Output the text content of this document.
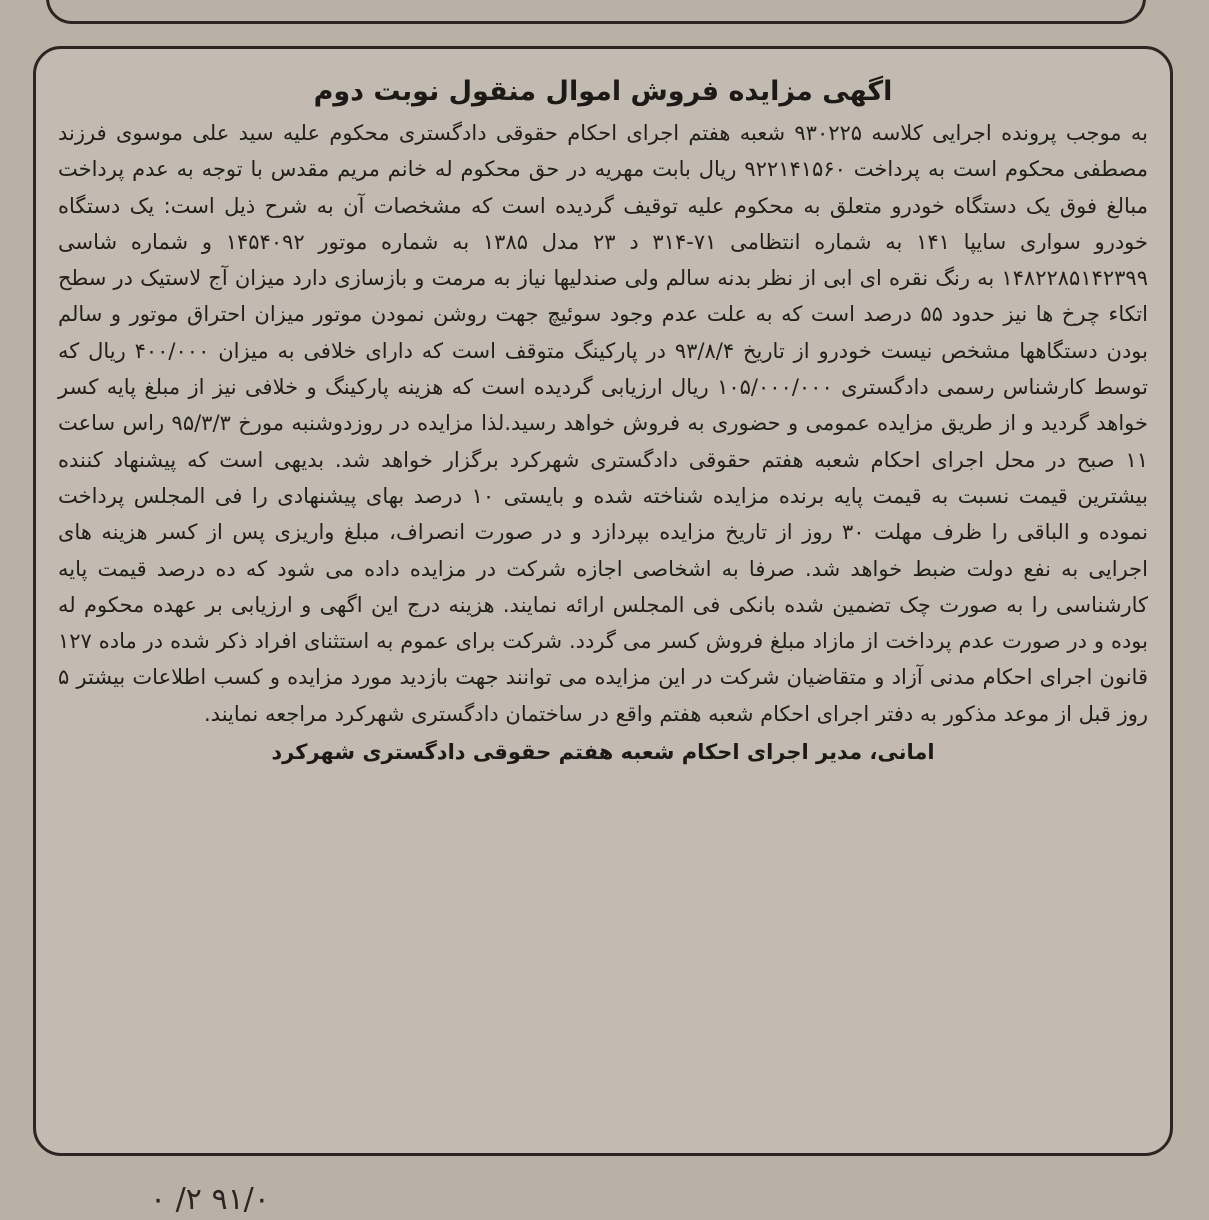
اگهی مزایده فروش اموال منقول نوبت دوم

به موجب پرونده اجرایی کلاسه ۹۳۰۲۲۵ شعبه هفتم اجرای احکام حقوقی دادگستری محکوم علیه سید علی موسوی فرزند مصطفی محکوم است به پرداخت ۹۲۲۱۴۱۵۶۰ ریال بابت مهریه در حق محکوم له خانم مریم مقدس با توجه به عدم پرداخت مبالغ فوق یک دستگاه خودرو متعلق به محکوم علیه توقیف گردیده است که مشخصات آن به شرح ذیل است: یک دستگاه خودرو سواری سایپا ۱۴۱ به شماره انتظامی ۷۱-۳۱۴ د ۲۳ مدل ۱۳۸۵ به شماره موتور ۱۴۵۴۰۹۲ و شماره شاسی ۱۴۸۲۲۸۵۱۴۲۳۹۹ به رنگ نقره ای ابی از نظر بدنه سالم ولی صندلیها نیاز به مرمت و بازسازی دارد میزان آج لاستیک در سطح اتکاء چرخ ها نیز حدود ۵۵ درصد است که به علت عدم وجود سوئیچ جهت روشن نمودن موتور میزان احتراق موتور و سالم بودن دستگاهها مشخص نیست خودرو از تاریخ ۹۳/۸/۴ در پارکینگ متوقف است که دارای خلافی به میزان ۴۰۰/۰۰۰ ریال که توسط کارشناس رسمی دادگستری ۱۰۵/۰۰۰/۰۰۰ ریال ارزیابی گردیده است که هزینه پارکینگ و خلافی نیز از مبلغ پایه کسر خواهد گردید و از طریق مزایده عمومی و حضوری به فروش خواهد رسید.لذا مزایده در روزدوشنبه مورخ ۹۵/۳/۳ راس ساعت ۱۱ صبح در محل اجرای احکام شعبه هفتم حقوقی دادگستری شهرکرد برگزار خواهد شد. بدیهی است که پیشنهاد کننده بیشترین قیمت نسبت به قیمت پایه برنده مزایده شناخته شده و بایستی ۱۰ درصد بهای پیشنهادی را فی المجلس پرداخت نموده و الباقی را ظرف مهلت ۳۰ روز از تاریخ مزایده بپردازد و در صورت انصراف، مبلغ واریزی پس از کسر هزینه های اجرایی به نفع دولت ضبط خواهد شد. صرفا به اشخاصی اجازه شرکت در مزایده داده می شود که ده درصد قیمت پایه کارشناسی را به صورت چک تضمین شده بانکی فی المجلس ارائه نمایند. هزینه درج این اگهی و ارزیابی بر عهده محکوم له بوده و در صورت عدم پرداخت از مازاد مبلغ فروش کسر می گردد. شرکت برای عموم به استثنای افراد ذکر شده در ماده ۱۲۷ قانون اجرای احکام مدنی آزاد و متقاضیان شرکت در این مزایده می توانند جهت بازدید مورد مزایده و کسب اطلاعات بیشتر ۵ روز قبل از موعد مذکور به دفتر اجرای احکام شعبه هفتم واقع در ساختمان دادگستری شهرکرد مراجعه نمایند.

امانی، مدیر اجرای احکام شعبه هفتم حقوقی دادگستری شهرکرد
۹۱/۰ ۲/ ۰
